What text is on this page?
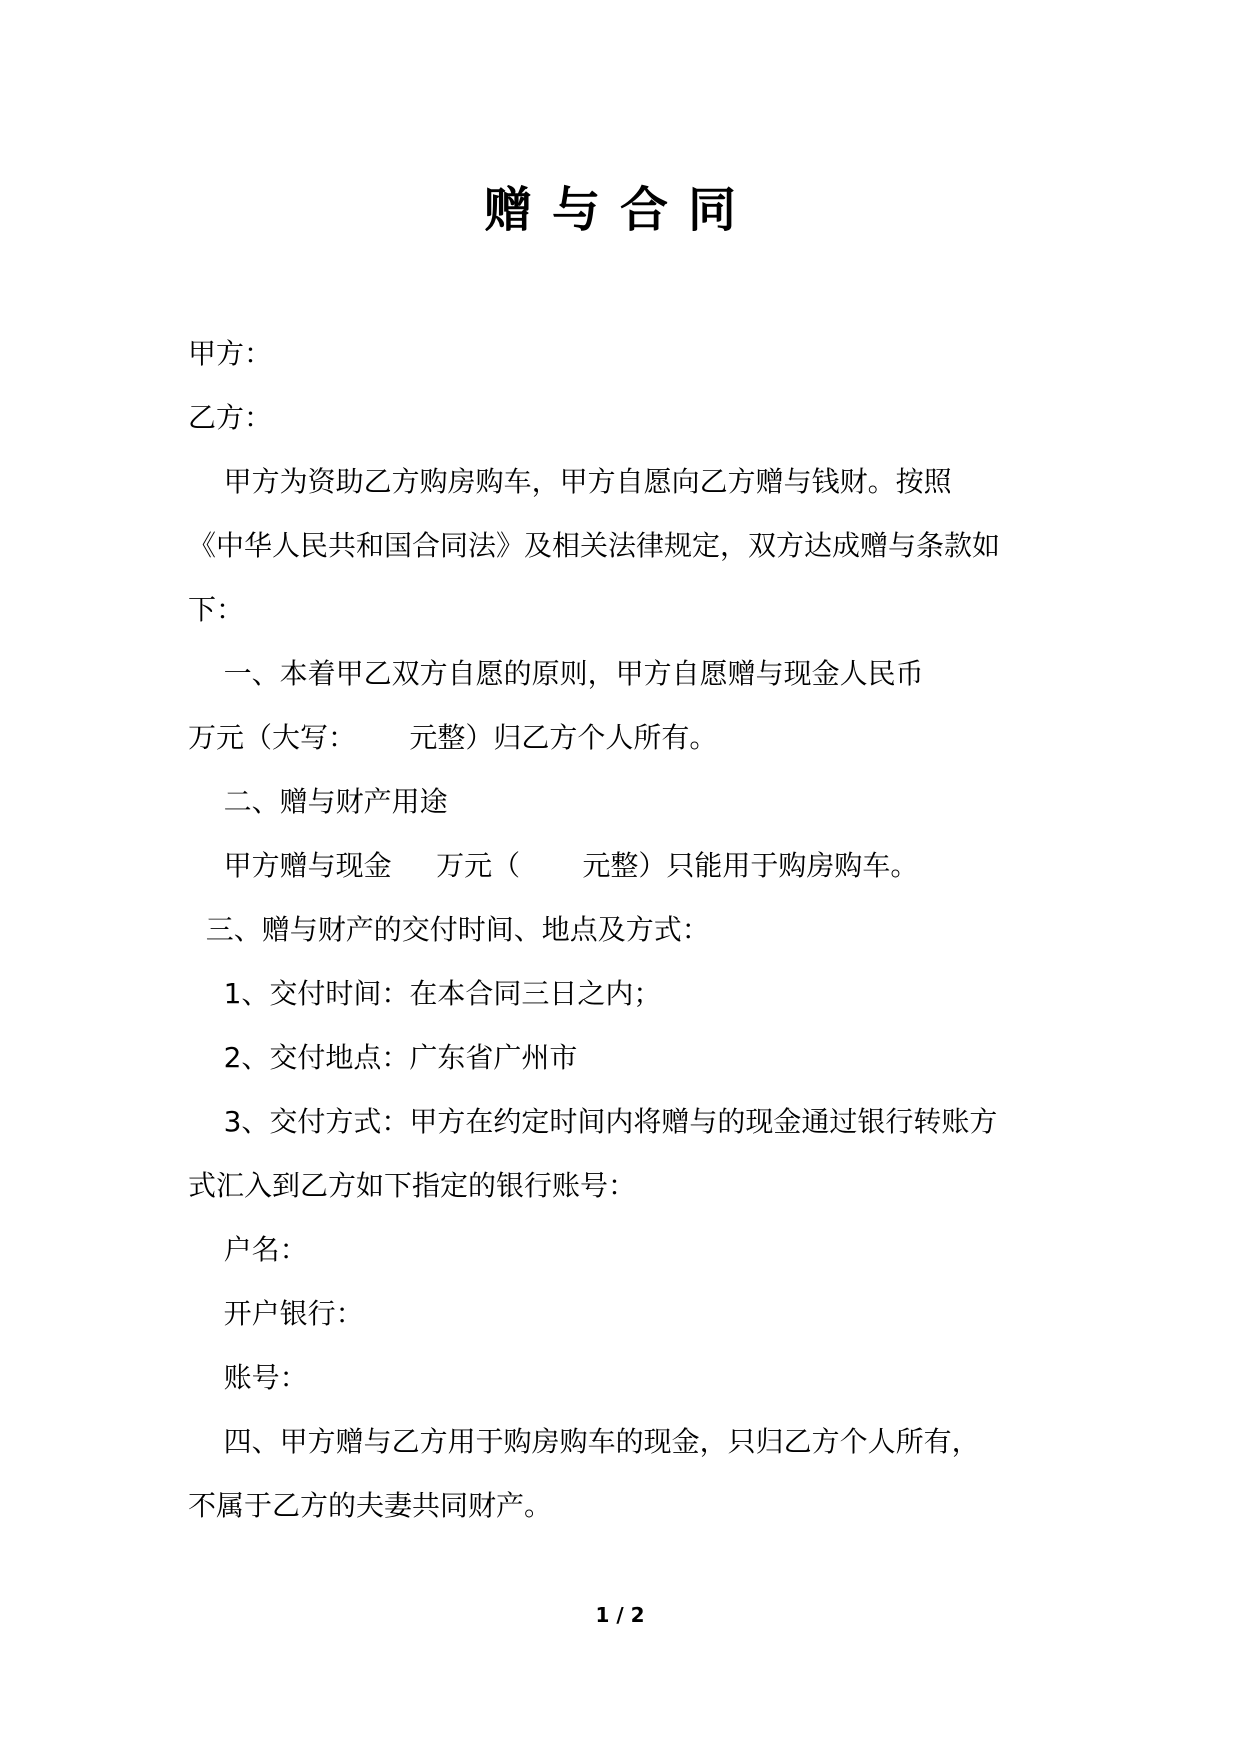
赠与合同

甲方：

乙方：

甲方为资助乙方购房购车，甲方自愿向乙方赠与钱财。按照

《中华人民共和国合同法》及相关法律规定，双方达成赠与条款如

下：

一、本着甲乙双方自愿的原则，甲方自愿赠与现金人民币

万元（大写：      元整）归乙方个人所有。

二、赠与财产用途

甲方赠与现金     万元（       元整）只能用于购房购车。

三、赠与财产的交付时间、地点及方式：

1、交付时间：在本合同三日之内；

2、交付地点：广东省广州市

3、交付方式：甲方在约定时间内将赠与的现金通过银行转账方

式汇入到乙方如下指定的银行账号：

户名：

开户银行：

账号：

四、甲方赠与乙方用于购房购车的现金，只归乙方个人所有，

不属于乙方的夫妻共同财产。

1 / 2
